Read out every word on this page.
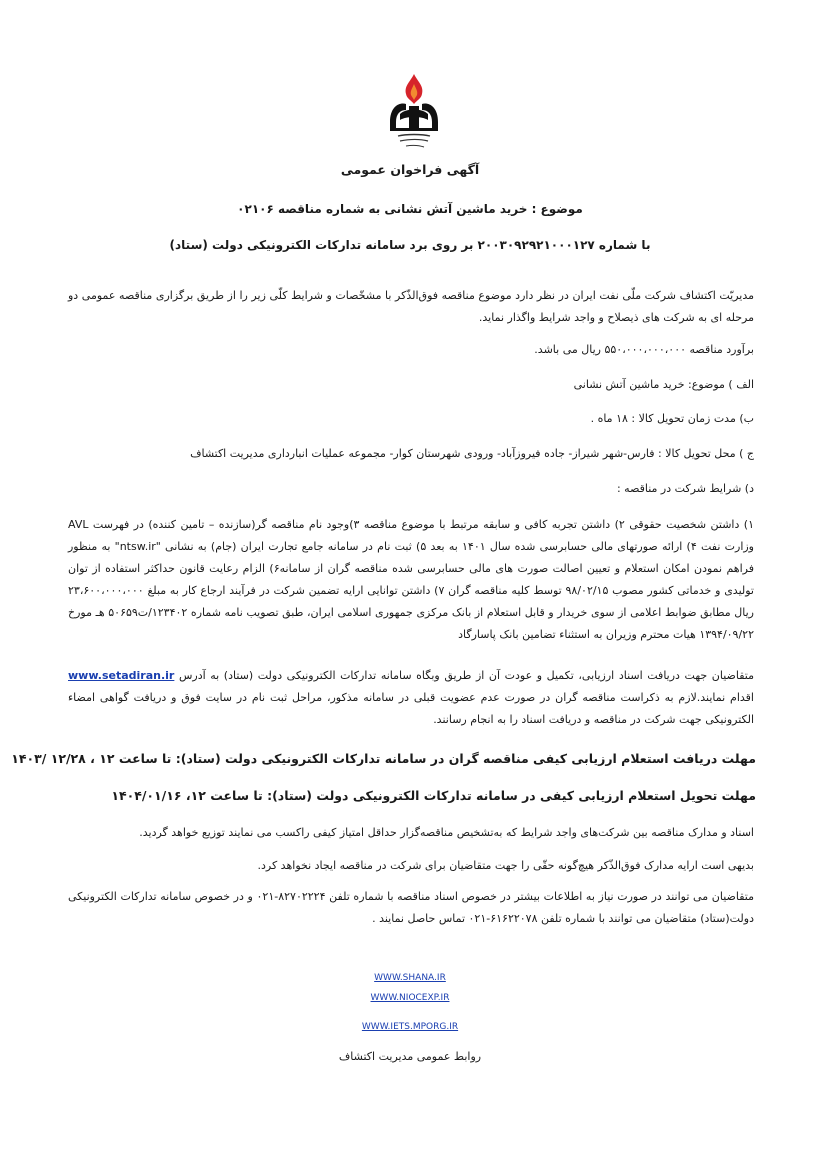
آگهی فراخوان عمومی
موضوع : خرید ماشین آتش نشانی به شماره مناقصه ۰۲۱۰۶
با شماره ۲۰۰۳۰۹۲۹۲۱۰۰۰۱۲۷ بر روی برد سامانه تدارکات الکترونیکی دولت (ستاد)
مدیریّت اکتشاف شرکت ملّی نفت ایران در نظر دارد موضوع مناقصه فوق‌الذّکر با مشخّصات و شرایط کلّی زیر را از طریق برگزاری مناقصه عمومی دو مرحله ای به شرکت های ذیصلاح و واجد شرایط واگذار نماید.
برآورد مناقصه ۵۵۰،۰۰۰،۰۰۰،۰۰۰ ریال می باشد.
الف ) موضوع: خرید ماشین آتش نشانی
ب) مدت زمان تحویل کالا : ۱۸ ماه .
ج ) محل تحویل کالا : فارس-شهر شیراز- جاده فیروزآباد- ورودی شهرستان کوار- مجموعه عملیات انبارداری مدیریت اکتشاف
د) شرایط شرکت در مناقصه :
۱) داشتن شخصیت حقوقی ۲) داشتن تجربه کافی و سابقه مرتبط با موضوع مناقصه ۳)وجود نام مناقصه گر(سازنده – تامین کننده) در فهرست AVL وزارت نفت ۴) ارائه صورتهای مالی حسابرسی شده سال ۱۴۰۱ به بعد ۵) ثبت نام در سامانه جامع تجارت ایران (جام) به نشانی "ntsw.ir" به منظور فراهم نمودن امکان استعلام و تعیین اصالت صورت های مالی حسابرسی شده مناقصه گران از سامانه۶) الزام رعایت قانون حداکثر استفاده از توان تولیدی و خدماتی کشور مصوب ۹۸/۰۲/۱۵ توسط کلیه مناقصه گران ۷) داشتن توانایی ارایه تضمین شرکت در فرآیند ارجاع کار به مبلغ ۲۳،۶۰۰،۰۰۰،۰۰۰ ریال مطابق ضوابط اعلامی از سوی خریدار و قابل استعلام از بانک مرکزی جمهوری اسلامی ایران، طبق تصویب نامه شماره ۱۲۳۴۰۲/ت۵۰۶۵۹ هـ مورخ ۱۳۹۴/۰۹/۲۲ هیات محترم وزیران به استثناء تضامین بانک پاسارگاد
متقاضیان جهت دریافت اسناد ارزیابی، تکمیل و عودت آن از طریق وبگاه سامانه تدارکات الکترونیکی دولت (ستاد) به آدرس www.setadiran.ir اقدام نمایند.لازم به ذکراست مناقصه گران در صورت عدم عضویت قبلی در سامانه مذکور، مراحل ثبت نام در سایت فوق و دریافت گواهی امضاء الکترونیکی جهت شرکت در مناقصه و دریافت اسناد را به انجام رسانند.
مهلت دریافت استعلام ارزیابی کیفی مناقصه گران در سامانه تدارکات الکترونیکی دولت (ستاد): تا ساعت ۱۲ ، ۱۲/۲۸ /۱۴۰۳
مهلت تحویل استعلام ارزیابی کیفی در سامانه تدارکات الکترونیکی دولت (ستاد): تا ساعت ۱۲، ۱۴۰۴/۰۱/۱۶
اسناد و مدارک مناقصه بین شرکت‌های واجد شرایط که به‌تشخیص مناقصه‌گزار حداقل امتیاز کیفی راکسب می نمایند توزیع خواهد گردید.
بدیهی است ارایه مدارک فوق‌الذّکر هیچ‌گونه حقّی را جهت متقاضیان برای شرکت در مناقصه ایجاد نخواهد کرد.
متقاضیان می توانند در صورت نیاز به اطلاعات بیشتر در خصوص اسناد مناقصه با شماره تلفن ۸۲۷۰۲۲۲۴-۰۲۱ و در خصوص سامانه تدارکات الکترونیکی دولت(ستاد) متقاضیان می توانند با شماره تلفن ۶۱۶۲۲۰۷۸-۰۲۱ تماس حاصل نمایند .
WWW.SHANA.IR
WWW.NIOCEXP.IR
WWW.IETS.MPORG.IR
روابط عمومی مدیریت اکتشاف
